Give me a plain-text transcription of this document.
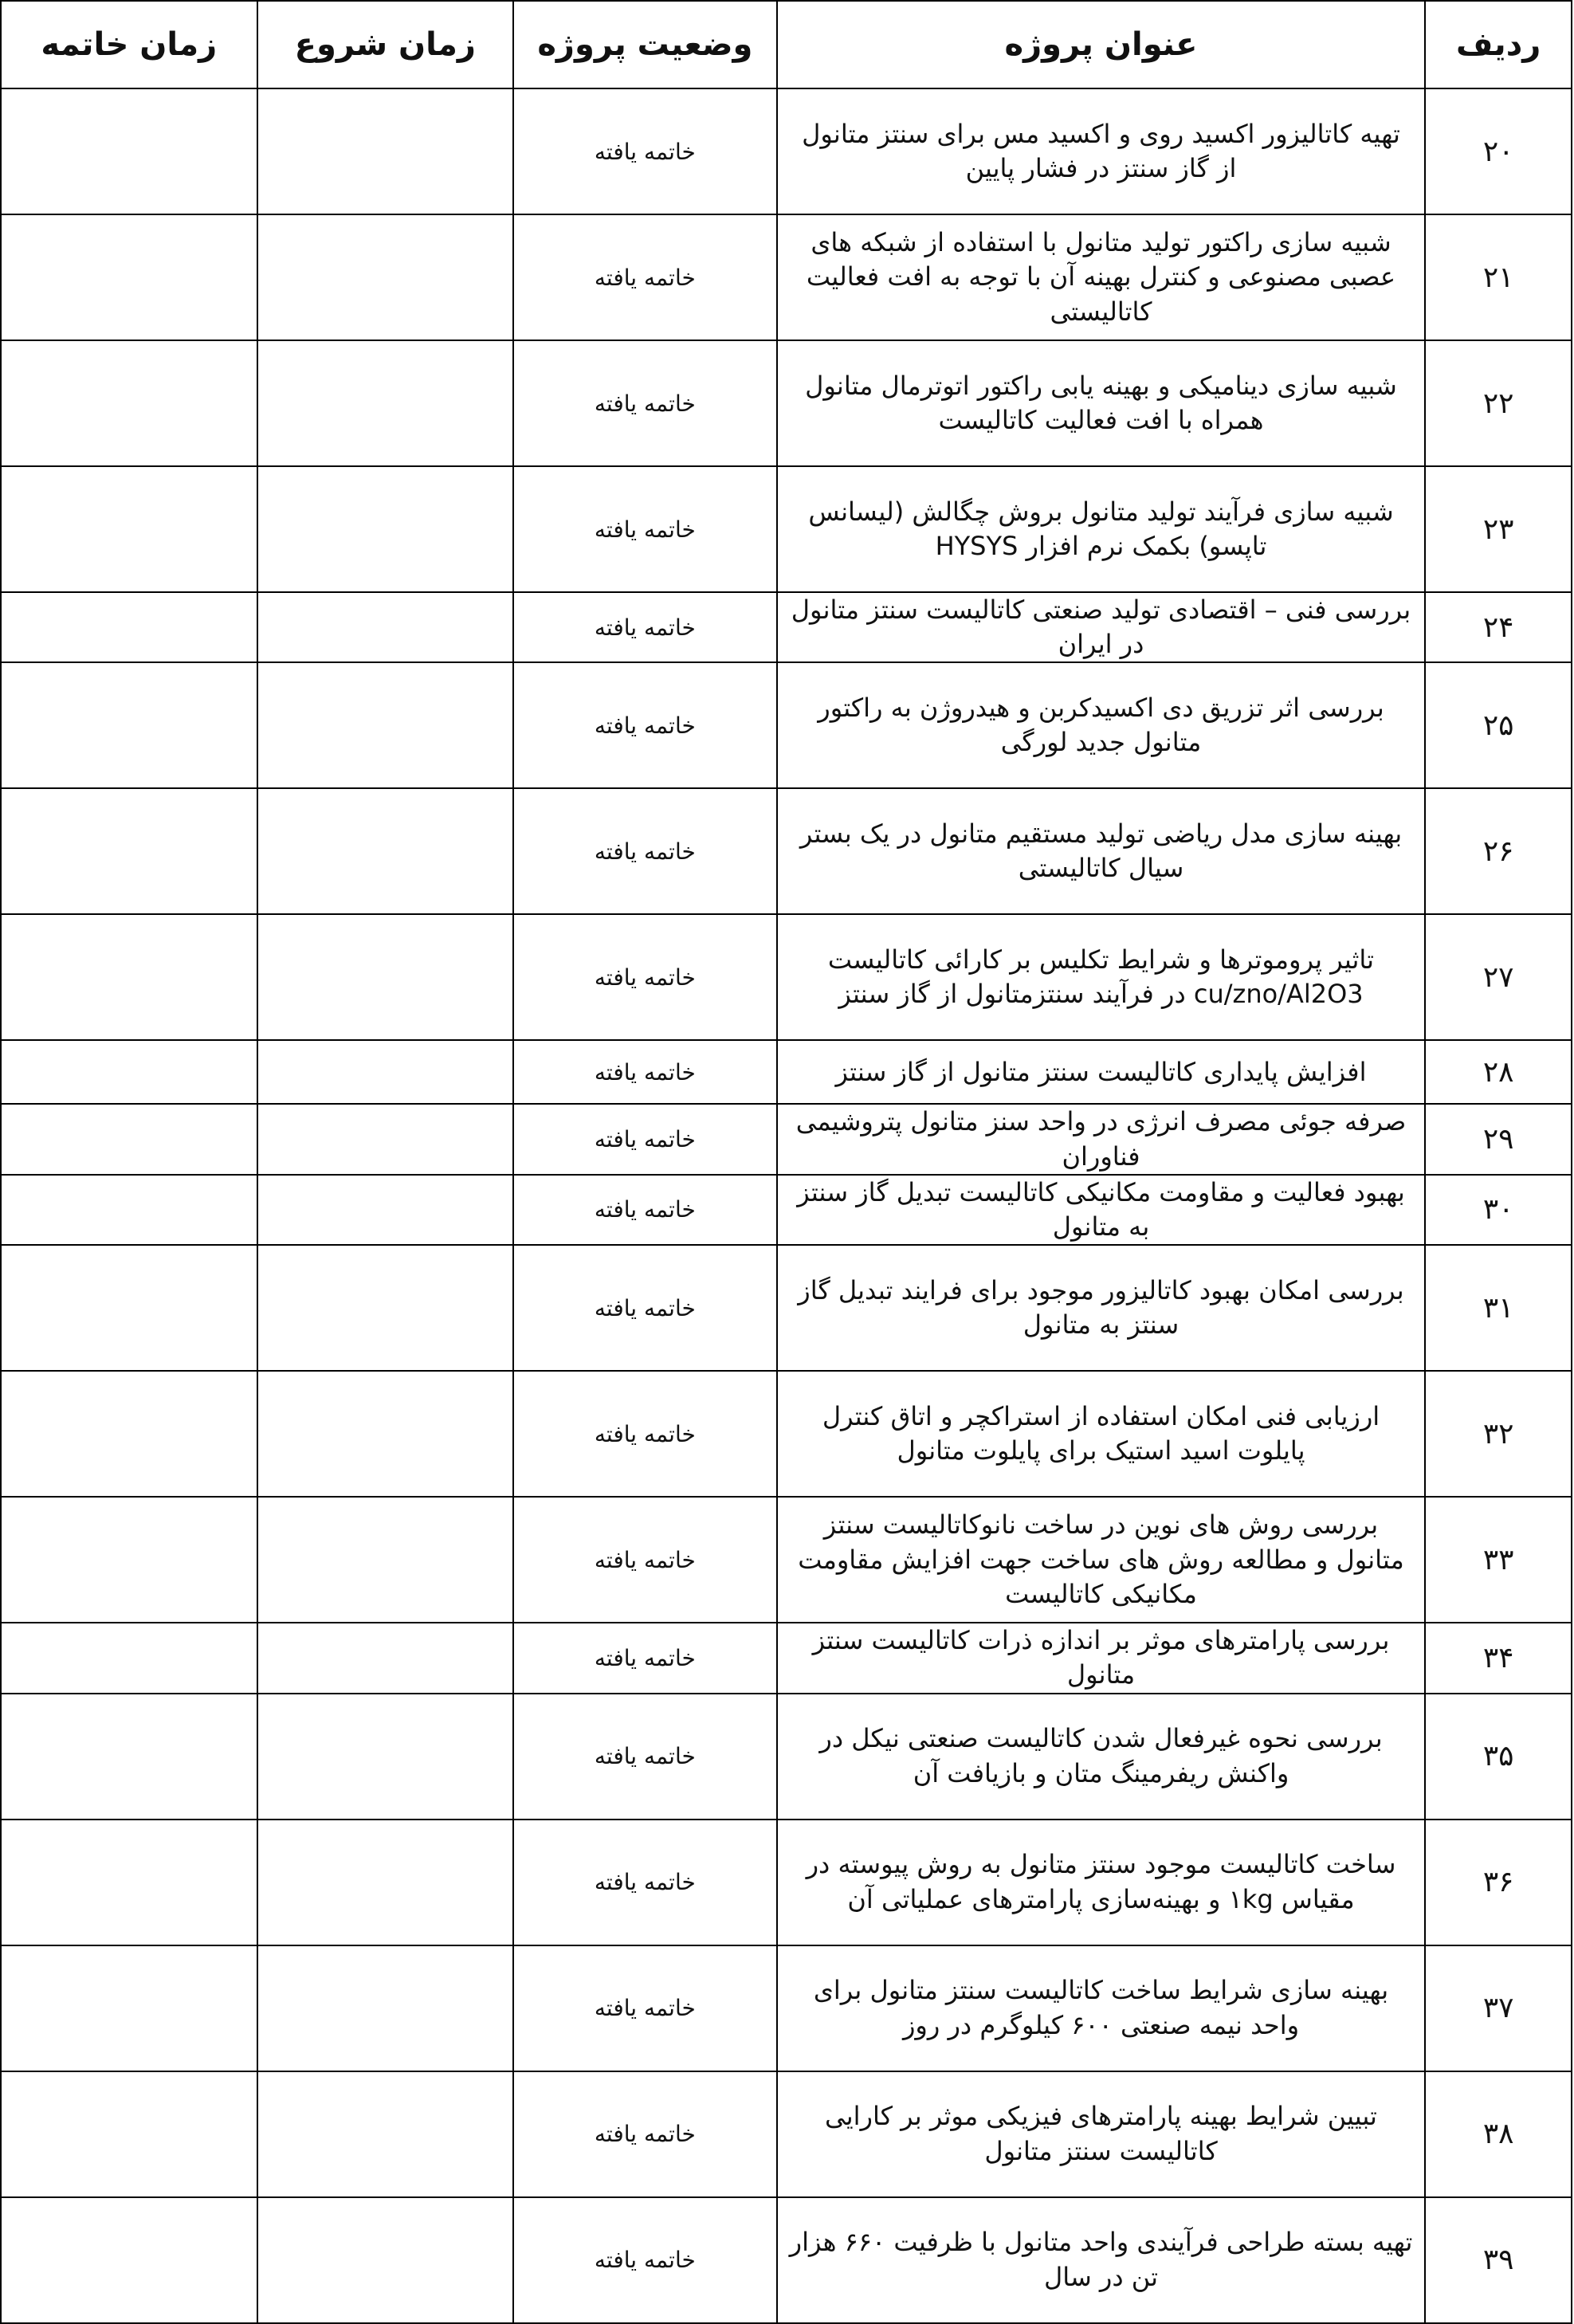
ردیف	عنوان پروژه	وضعیت پروژه	زمان شروع	زمان خاتمه
۲۰	تهیه کاتالیزور اکسید روی و اکسید مس برای سنتز متانول از گاز سنتز در فشار پایین	خاتمه یافته		
۲۱	شبیه سازی راکتور تولید متانول با استفاده از شبکه های عصبی مصنوعی و کنترل بهینه آن با توجه به افت فعالیت کاتالیستی	خاتمه یافته		
۲۲	شبیه سازی دینامیکی و بهینه یابی راکتور اتوترمال متانول همراه با افت فعالیت کاتالیست	خاتمه یافته		
۲۳	شبیه سازی فرآیند تولید متانول بروش چگالش (لیسانس تاپسو) بکمک نرم افزار HYSYS	خاتمه یافته		
۲۴	بررسی فنی – اقتصادی تولید صنعتی کاتالیست سنتز متانول در ایران	خاتمه یافته		
۲۵	بررسی اثر تزریق دی اکسیدکربن و هیدروژن به راکتور متانول جدید لورگی	خاتمه یافته		
۲۶	بهینه سازی مدل ریاضی تولید مستقیم متانول در یک بستر سیال کاتالیستی	خاتمه یافته		
۲۷	تاثیر پروموترها و شرایط تکلیس بر کارائی کاتالیست cu/zno/Al2O3 در فرآیند سنتزمتانول از گاز سنتز	خاتمه یافته		
۲۸	افزایش پایداری کاتالیست سنتز متانول از گاز سنتز	خاتمه یافته		
۲۹	صرفه جوئی مصرف انرژی در واحد سنز متانول پتروشیمی فناوران	خاتمه یافته		
۳۰	بهبود فعالیت و مقاومت مکانیکی کاتالیست تبدیل گاز سنتز به متانول	خاتمه یافته		
۳۱	بررسی امکان بهبود کاتالیزور موجود برای فرایند تبدیل گاز سنتز به متانول	خاتمه یافته		
۳۲	ارزیابی فنی امکان استفاده از استراکچر و اتاق کنترل پایلوت اسید استیک برای پایلوت متانول	خاتمه یافته		
۳۳	بررسی روش های نوین در ساخت نانوکاتالیست سنتز متانول و مطالعه روش های ساخت جهت افزایش مقاومت مکانیکی کاتالیست	خاتمه یافته		
۳۴	بررسی پارامترهای موثر بر اندازه ذرات کاتالیست سنتز متانول	خاتمه یافته		
۳۵	بررسی نحوه غیرفعال شدن کاتالیست صنعتی نیکل در واکنش ریفرمینگ متان و بازیافت آن	خاتمه یافته		
۳۶	ساخت کاتالیست موجود سنتز متانول به روش پیوسته در مقیاس ۱kg و بهینه‌سازی پارامترهای عملیاتی آن	خاتمه یافته		
۳۷	بهینه سازی شرایط ساخت کاتالیست سنتز متانول برای واحد نیمه صنعتی ۶۰۰ کیلوگرم در روز	خاتمه یافته		
۳۸	تبیین شرایط بهینه پارامترهای فیزیکی موثر بر کارایی کاتالیست سنتز متانول	خاتمه یافته		
۳۹	تهیه بسته طراحی فرآیندی واحد متانول با ظرفیت ۶۶۰ هزار تن در سال	خاتمه یافته		
